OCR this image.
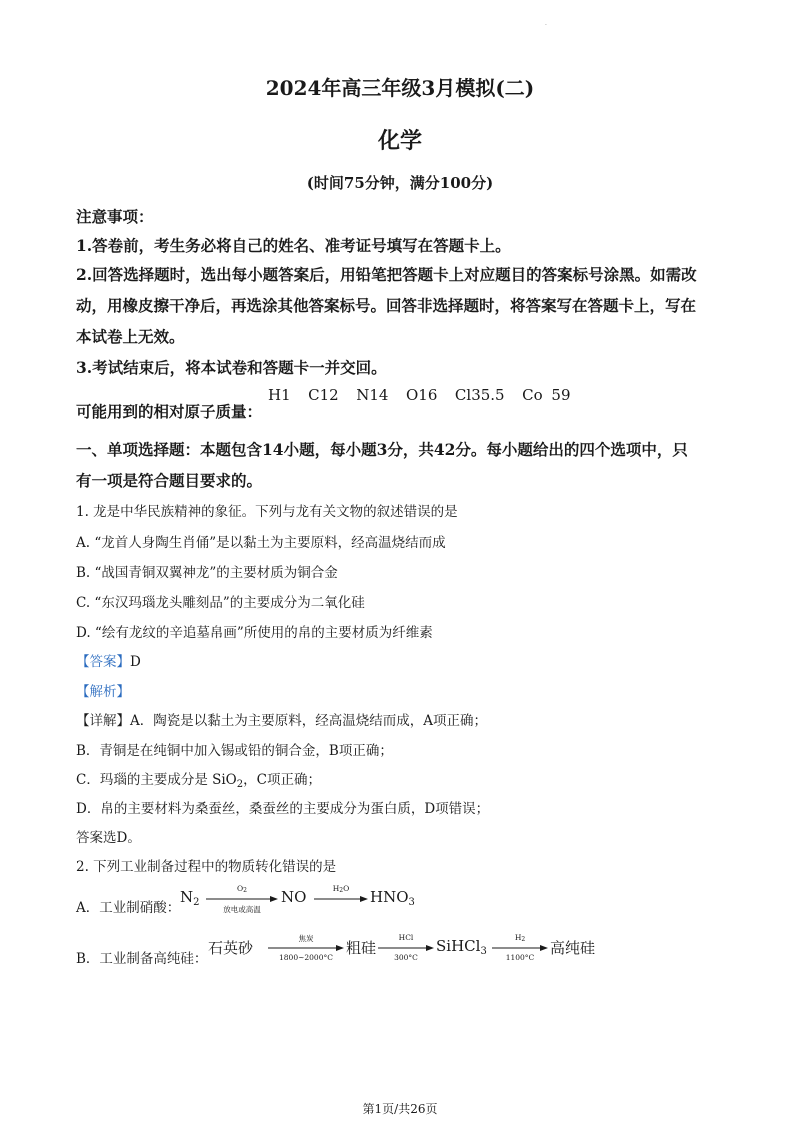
·
2024年高三年级3月模拟(二)
化学
(时间75分钟，满分100分)
注意事项：
1.答卷前，考生务必将自己的姓名、准考证号填写在答题卡上。
2.回答选择题时，选出每小题答案后，用铅笔把答题卡上对应题目的答案标号涂黑。如需改
动，用橡皮擦干净后，再选涂其他答案标号。回答非选择题时，将答案写在答题卡上，写在
本试卷上无效。
3.考试结束后，将本试卷和答题卡一并交回。
可能用到的相对原子质量：
H1  C12  N14  O16  Cl35.5  Co 59
一、单项选择题：本题包含14小题，每小题3分，共42分。每小题给出的四个选项中，只
有一项是符合题目要求的。
1. 龙是中华民族精神的象征。下列与龙有关文物的叙述错误的是
A. “龙首人身陶生肖俑”是以黏土为主要原料，经高温烧结而成
B. “战国青铜双翼神龙”的主要材质为铜合金
C. “东汉玛瑙龙头雕刻品”的主要成分为二氧化硅
D. “绘有龙纹的辛追墓帛画”所使用的帛的主要材质为纤维素
【答案】D
【解析】
【详解】A．陶瓷是以黏土为主要原料，经高温烧结而成，A项正确；
B．青铜是在纯铜中加入锡或铅的铜合金，B项正确；
C．玛瑙的主要成分是 SiO$_2$，C项正确；
D．帛的主要材料为桑蚕丝，桑蚕丝的主要成分为蛋白质，D项错误；
答案选D。
2. 下列工业制备过程中的物质转化错误的是
A．工业制硝酸：
$N_2$
O2
放电或高温
NO	$H2O \to HNO_3$
B．工业制备高纯硅：
石英砂
焦炭
1800~2000°C
粗硅
HCl
300°C
SiHCl$_3$
H2
1100°C
高纯硅
第1页/共26页
